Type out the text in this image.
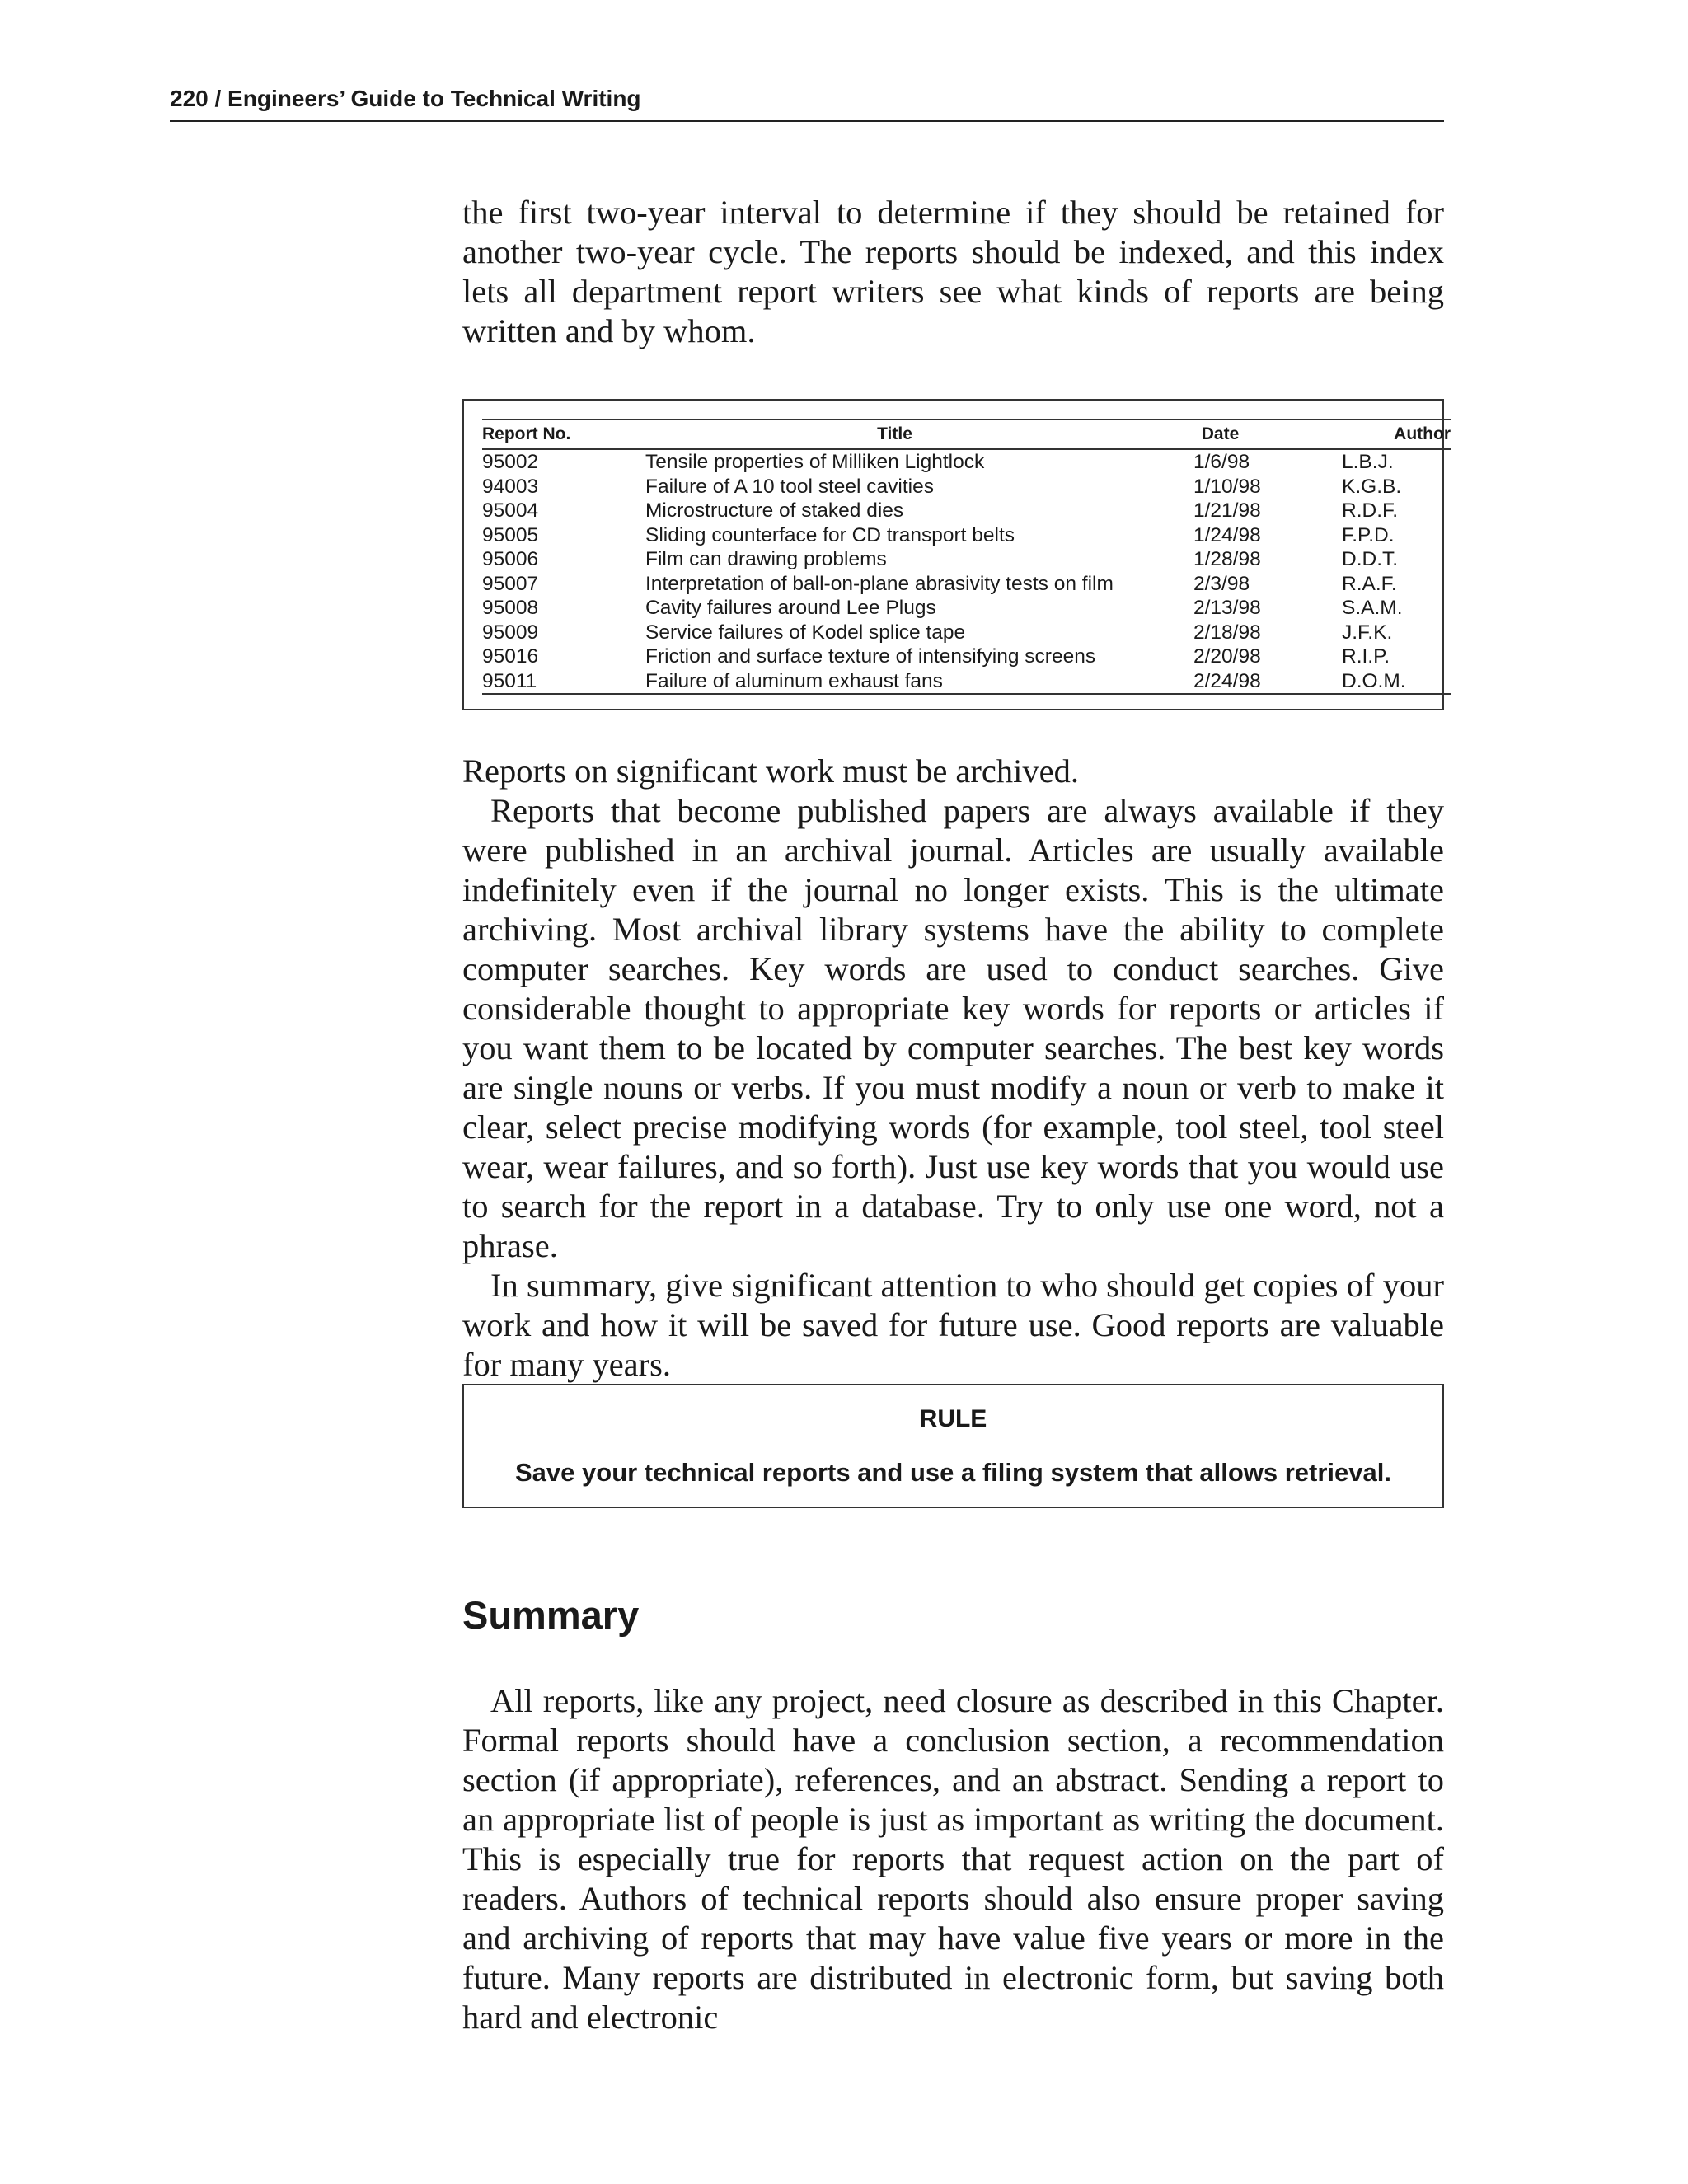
220 / Engineers’ Guide to Technical Writing

the first two-year interval to determine if they should be retained for another two-year cycle. The reports should be indexed, and this index lets all department report writers see what kinds of reports are being written and by whom.

Report No.	Title	Date	Author
95002	Tensile properties of Milliken Lightlock	1/6/98	L.B.J.
94003	Failure of A 10 tool steel cavities	1/10/98	K.G.B.
95004	Microstructure of staked dies	1/21/98	R.D.F.
95005	Sliding counterface for CD transport belts	1/24/98	F.P.D.
95006	Film can drawing problems	1/28/98	D.D.T.
95007	Interpretation of ball-on-plane abrasivity tests on film	2/3/98	R.A.F.
95008	Cavity failures around Lee Plugs	2/13/98	S.A.M.
95009	Service failures of Kodel splice tape	2/18/98	J.F.K.
95016	Friction and surface texture of intensifying screens	2/20/98	R.I.P.
95011	Failure of aluminum exhaust fans	2/24/98	D.O.M.

Reports on significant work must be archived.

Reports that become published papers are always available if they were published in an archival journal. Articles are usually available indefinitely even if the journal no longer exists. This is the ultimate archiving. Most archival library systems have the ability to complete computer searches. Key words are used to conduct searches. Give considerable thought to appropriate key words for reports or articles if you want them to be located by computer searches. The best key words are single nouns or verbs. If you must modify a noun or verb to make it clear, select precise modifying words (for example, tool steel, tool steel wear, wear failures, and so forth). Just use key words that you would use to search for the report in a database. Try to only use one word, not a phrase.

In summary, give significant attention to who should get copies of your work and how it will be saved for future use. Good reports are valuable for many years.

RULE
Save your technical reports and use a filing system that allows retrieval.
Summary

All reports, like any project, need closure as described in this Chapter. Formal reports should have a conclusion section, a recommendation section (if appropriate), references, and an abstract. Sending a report to an appropriate list of people is just as important as writing the document. This is especially true for reports that request action on the part of readers. Authors of technical reports should also ensure proper saving and archiving of reports that may have value five years or more in the future. Many reports are distributed in electronic form, but saving both hard and electronic
